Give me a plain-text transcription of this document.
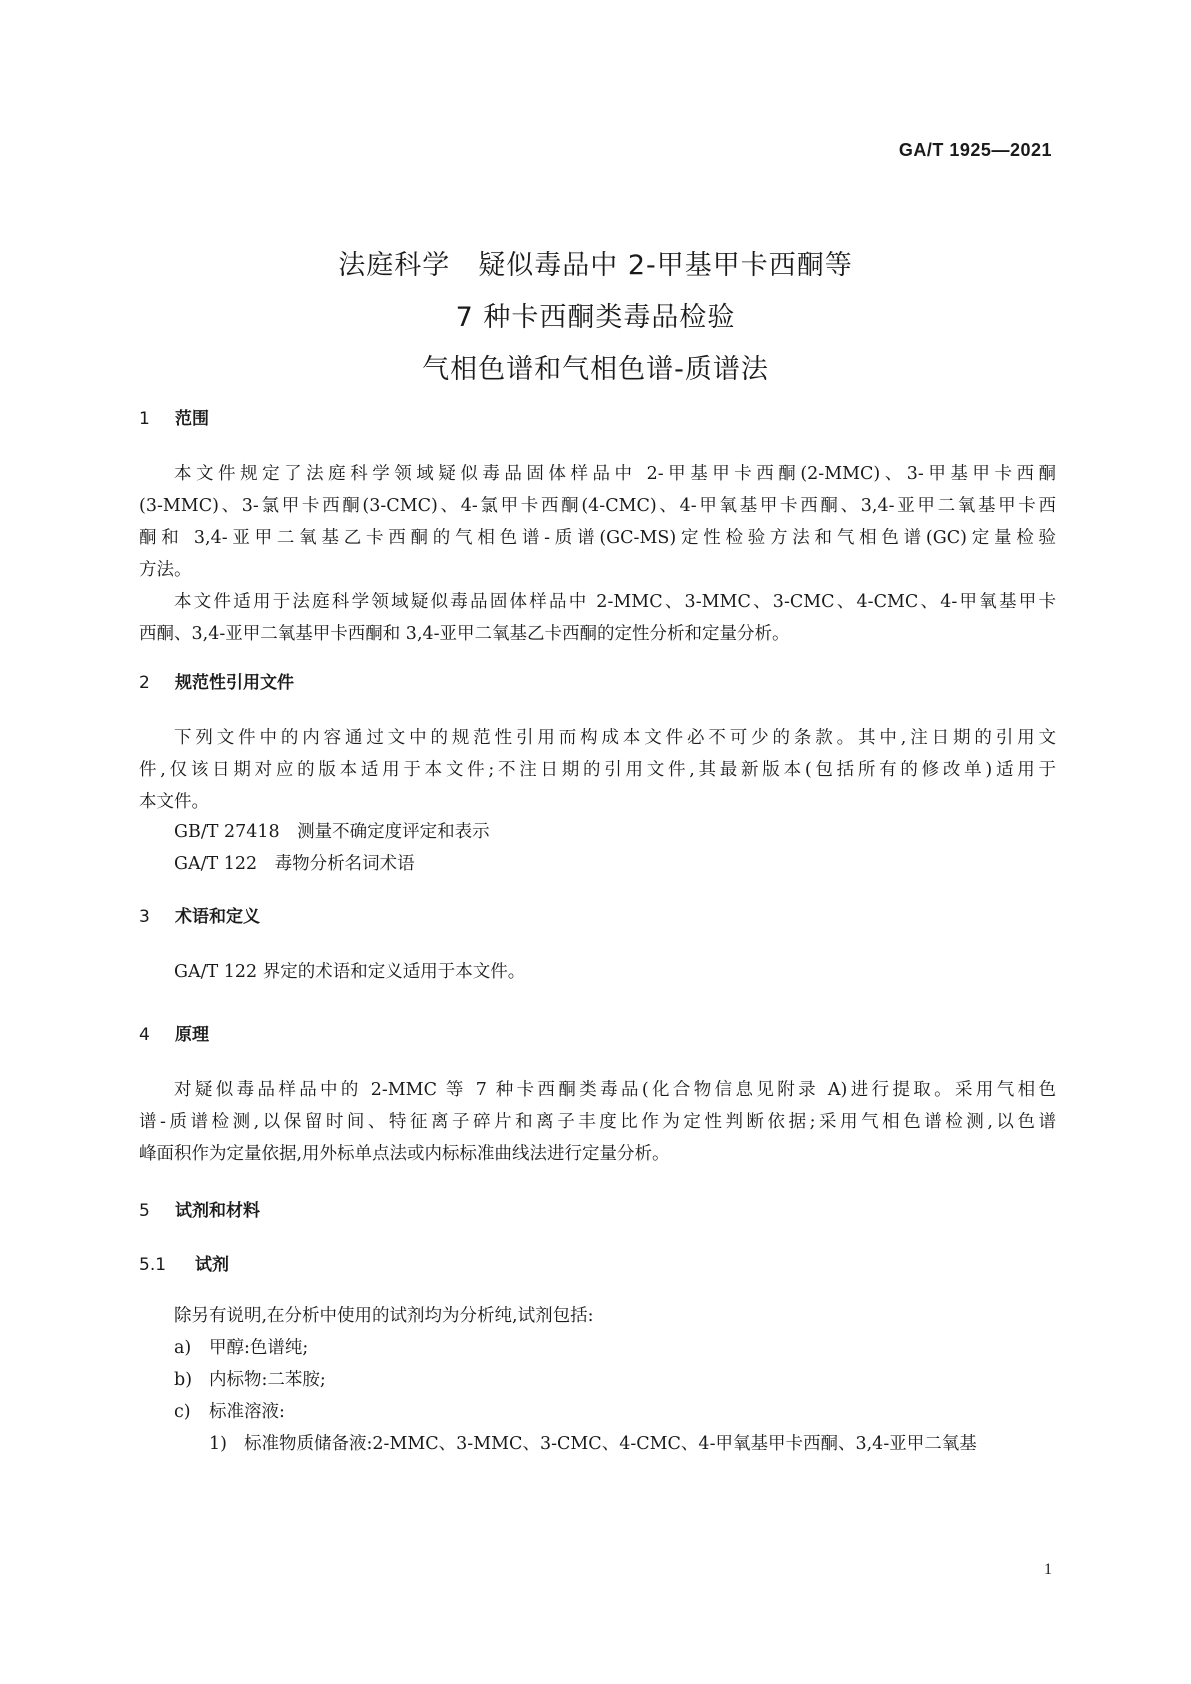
GA/T 1925—2021
法庭科学　疑似毒品中 2-甲基甲卡西酮等
7 种卡西酮类毒品检验
气相色谱和气相色谱-质谱法
1 范围
本文件规定了法庭科学领域疑似毒品固体样品中 2-甲基甲卡西酮(2-MMC)、3-甲基甲卡西酮
(3-MMC)、3-氯甲卡西酮(3-CMC)、4-氯甲卡西酮(4-CMC)、4-甲氧基甲卡西酮、3,4-亚甲二氧基甲卡西
酮和 3,4-亚甲二氧基乙卡西酮的气相色谱-质谱(GC-MS)定性检验方法和气相色谱(GC)定量检验
方法。
本文件适用于法庭科学领域疑似毒品固体样品中 2-MMC、3-MMC、3-CMC、4-CMC、4-甲氧基甲卡
西酮、3,4-亚甲二氧基甲卡西酮和 3,4-亚甲二氧基乙卡西酮的定性分析和定量分析。
2 规范性引用文件
下列文件中的内容通过文中的规范性引用而构成本文件必不可少的条款。其中,注日期的引用文
件,仅该日期对应的版本适用于本文件;不注日期的引用文件,其最新版本(包括所有的修改单)适用于
本文件。
GB/T 27418　测量不确定度评定和表示
GA/T 122　毒物分析名词术语
3 术语和定义
GA/T 122 界定的术语和定义适用于本文件。
4 原理
对疑似毒品样品中的 2-MMC 等 7 种卡西酮类毒品(化合物信息见附录 A)进行提取。采用气相色
谱-质谱检测,以保留时间、特征离子碎片和离子丰度比作为定性判断依据;采用气相色谱检测,以色谱
峰面积作为定量依据,用外标单点法或内标标准曲线法进行定量分析。
5 试剂和材料
5.1 试剂
除另有说明,在分析中使用的试剂均为分析纯,试剂包括:
a) 甲醇:色谱纯;
b) 内标物:二苯胺;
c) 标准溶液:
1) 标准物质储备液:2-MMC、3-MMC、3-CMC、4-CMC、4-甲氧基甲卡西酮、3,4-亚甲二氧基
1
